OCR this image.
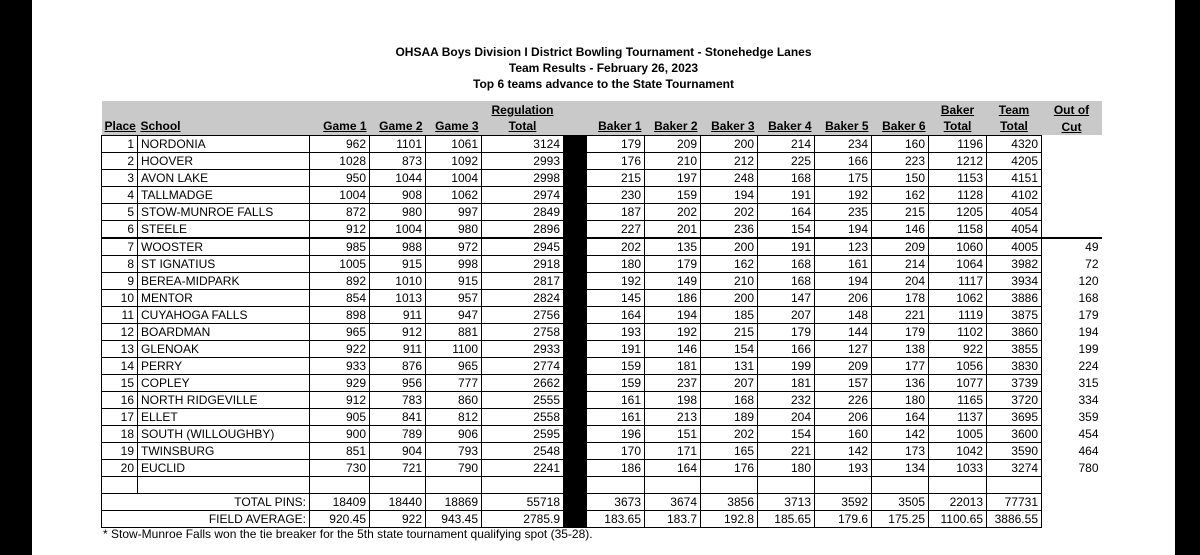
OHSAA Boys Division I District Bowling Tournament - Stonehedge Lanes
Team Results - February 26, 2023
Top 6 teams advance to the State Tournament
					Regulation								Baker	Team	Out of
Place	School	Game 1	Game 2	Game 3	Total		Baker 1	Baker 2	Baker 3	Baker 4	Baker 5	Baker 6	Total	Total	Cut
1	NORDONIA	962	1101	1061	3124		179	209	200	214	234	160	1196	4320	
2	HOOVER	1028	873	1092	2993		176	210	212	225	166	223	1212	4205	
3	AVON LAKE	950	1044	1004	2998		215	197	248	168	175	150	1153	4151	
4	TALLMADGE	1004	908	1062	2974		230	159	194	191	192	162	1128	4102	
5	STOW-MUNROE FALLS	872	980	997	2849		187	202	202	164	235	215	1205	4054	
6	STEELE	912	1004	980	2896		227	201	236	154	194	146	1158	4054	
7	WOOSTER	985	988	972	2945		202	135	200	191	123	209	1060	4005	49
8	ST IGNATIUS	1005	915	998	2918		180	179	162	168	161	214	1064	3982	72
9	BEREA-MIDPARK	892	1010	915	2817		192	149	210	168	194	204	1117	3934	120
10	MENTOR	854	1013	957	2824		145	186	200	147	206	178	1062	3886	168
11	CUYAHOGA FALLS	898	911	947	2756		164	194	185	207	148	221	1119	3875	179
12	BOARDMAN	965	912	881	2758		193	192	215	179	144	179	1102	3860	194
13	GLENOAK	922	911	1100	2933		191	146	154	166	127	138	922	3855	199
14	PERRY	933	876	965	2774		159	181	131	199	209	177	1056	3830	224
15	COPLEY	929	956	777	2662		159	237	207	181	157	136	1077	3739	315
16	NORTH RIDGEVILLE	912	783	860	2555		161	198	168	232	226	180	1165	3720	334
17	ELLET	905	841	812	2558		161	213	189	204	206	164	1137	3695	359
18	SOUTH (WILLOUGHBY)	900	789	906	2595		196	151	202	154	160	142	1005	3600	454
19	TWINSBURG	851	904	793	2548		170	171	165	221	142	173	1042	3590	464
20	EUCLID	730	721	790	2241		186	164	176	180	193	134	1033	3274	780

	TOTAL PINS:	18409	18440	18869	55718		3673	3674	3856	3713	3592	3505	22013	77731	
	FIELD AVERAGE:	920.45	922	943.45	2785.9		183.65	183.7	192.8	185.65	179.6	175.25	1100.65	3886.55	
* Stow-Munroe Falls won the tie breaker for the 5th state tournament qualifying spot (35-28).
